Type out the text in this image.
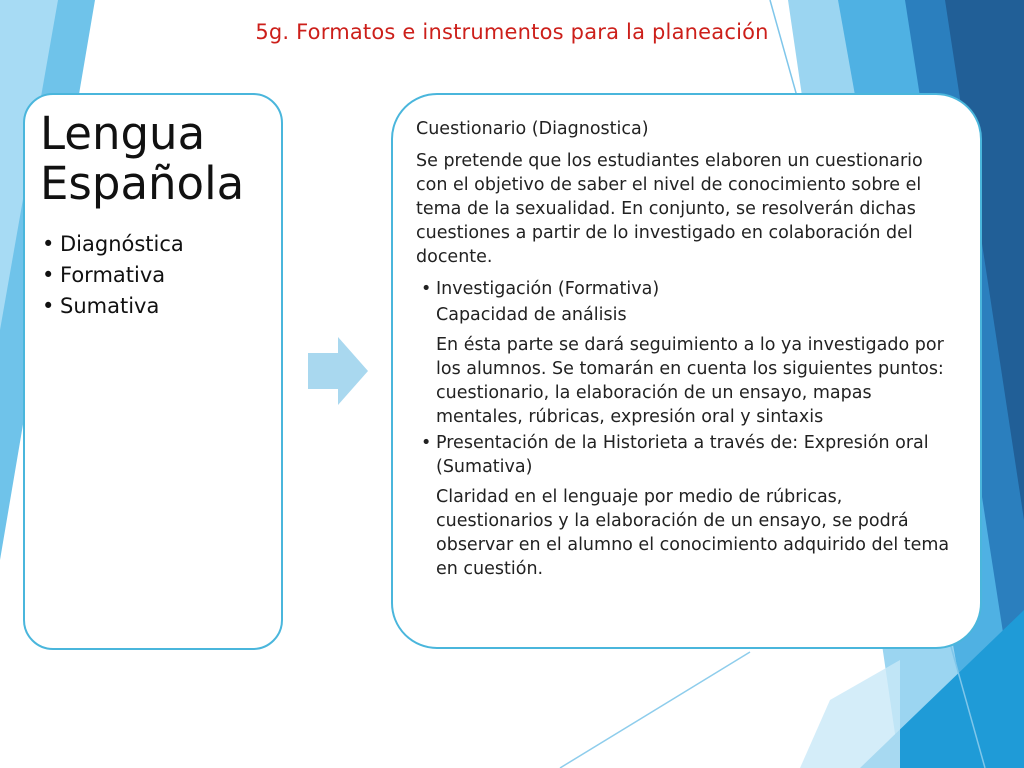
5g. Formatos e instrumentos para la planeación
Lengua
Española
• Diagnóstica
• Formativa
• Sumativa

Cuestionario (Diagnostica)

Se pretende que los estudiantes elaboren un cuestionario con el objetivo de saber el nivel de conocimiento sobre el tema de la sexualidad. En conjunto, se resolverán dichas cuestiones a partir de lo investigado en colaboración del docente.

• Investigación (Formativa)

Capacidad de análisis

En ésta parte se dará seguimiento a lo ya investigado por los alumnos. Se tomarán en cuenta los siguientes puntos: cuestionario, la elaboración de un ensayo, mapas mentales, rúbricas, expresión oral y sintaxis

• Presentación de la Historieta a través de: Expresión oral (Sumativa)

Claridad en el lenguaje por medio de rúbricas, cuestionarios y la elaboración de un ensayo, se podrá observar en el alumno el conocimiento adquirido del tema en cuestión.
